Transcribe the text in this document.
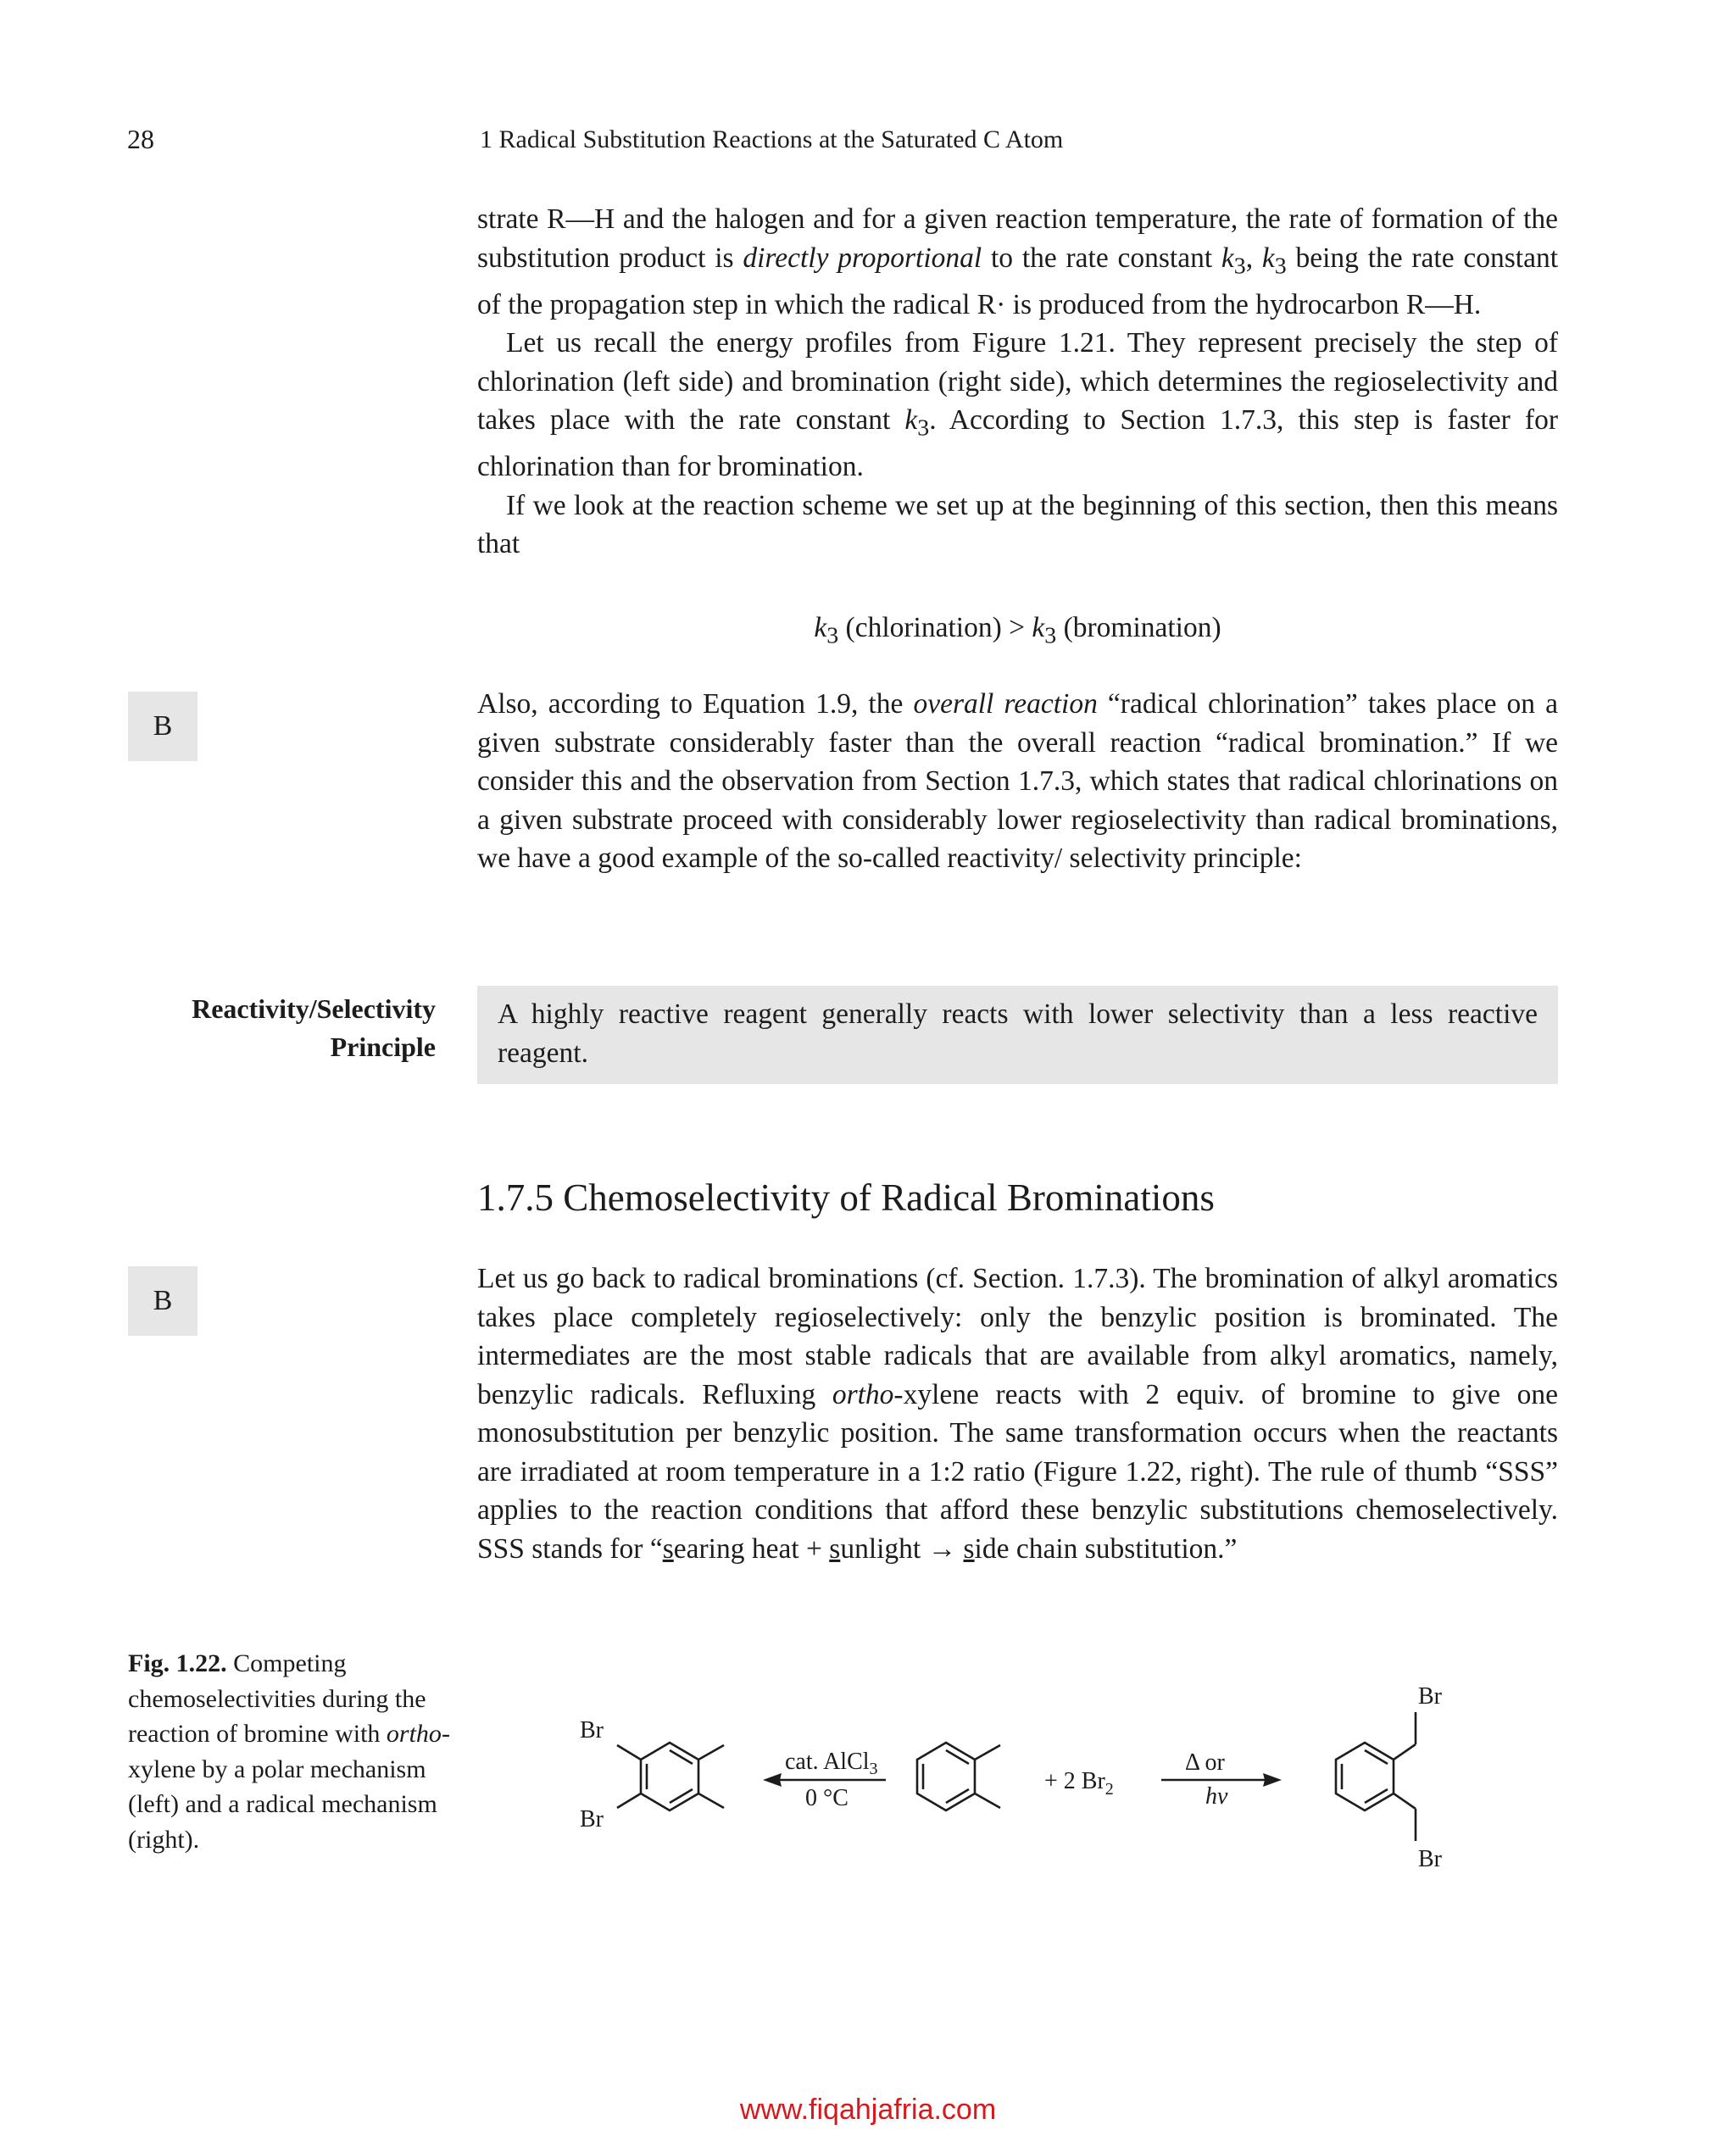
28	1 Radical Substitution Reactions at the Saturated C Atom

strate R—H and the halogen and for a given reaction temperature, the rate of formation of the substitution product is directly proportional to the rate constant $k_3$, $k_3$ being the rate constant of the propagation step in which the radical R· is produced from the hydrocarbon R—H.

Let us recall the energy profiles from Figure 1.21. They represent precisely the step of chlorination (left side) and bromination (right side), which determines the regioselectivity and takes place with the rate constant $k_3$. According to Section 1.7.3, this step is faster for chlorination than for bromination.

If we look at the reaction scheme we set up at the beginning of this section, then this means that

$k_3$ (chlorination) > $k_3$ (bromination)
B

Also, according to Equation 1.9, the overall reaction “radical chlorination” takes place on a given substrate considerably faster than the overall reaction “radical bromination.” If we consider this and the observation from Section 1.7.3, which states that radical chlorinations on a given substrate proceed with considerably lower regioselectivity than radical brominations, we have a good example of the so-called reactivity/ selectivity principle:

Reactivity/Selectivity
Principle
A highly reactive reagent generally reacts with lower selectivity than a less reactive reagent.
1.7.5 Chemoselectivity of Radical Brominations
B

Let us go back to radical brominations (cf. Section. 1.7.3). The bromination of alkyl aromatics takes place completely regioselectively: only the benzylic position is brominated. The intermediates are the most stable radicals that are available from alkyl aromatics, namely, benzylic radicals. Refluxing ortho-xylene reacts with 2 equiv. of bromine to give one monosubstitution per benzylic position. The same transformation occurs when the reactants are irradiated at room temperature in a 1:2 ratio (Figure 1.22, right). The rule of thumb “SSS” applies to the reaction conditions that afford these benzylic substitutions chemoselectively. SSS stands for “searing heat + sunlight → side chain substitution.”

Fig. 1.22. Competing chemoselectivities during the reaction of bromine with ortho-xylene by a polar mechanism (left) and a radical mechanism (right).
Br
Br
cat. AlCl$_3$
0 °C
+ 2 $Br_2$
Δ or
hν
Br
Br
www.fiqahjafria.com
